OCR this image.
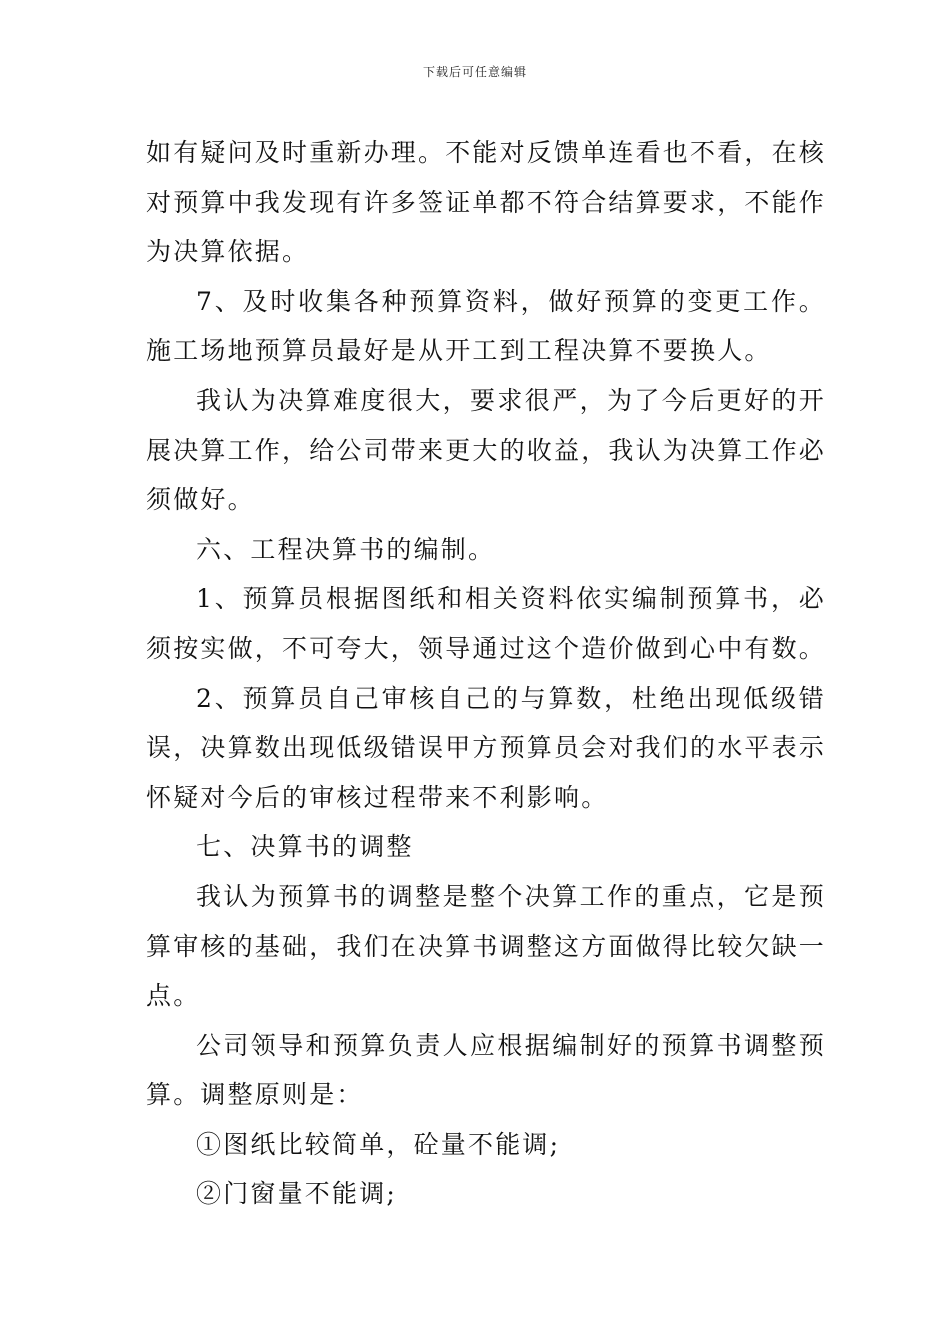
下载后可任意编辑

如有疑问及时重新办理。不能对反馈单连看也不看，在核对预算中我发现有许多签证单都不符合结算要求，不能作为决算依据。

7、及时收集各种预算资料，做好预算的变更工作。施工场地预算员最好是从开工到工程决算不要换人。

我认为决算难度很大，要求很严，为了今后更好的开展决算工作，给公司带来更大的收益，我认为决算工作必须做好。

六、工程决算书的编制。

1、预算员根据图纸和相关资料依实编制预算书，必须按实做，不可夸大，领导通过这个造价做到心中有数。

2、预算员自己审核自己的与算数，杜绝出现低级错误，决算数出现低级错误甲方预算员会对我们的水平表示怀疑对今后的审核过程带来不利影响。

七、决算书的调整

我认为预算书的调整是整个决算工作的重点，它是预算审核的基础，我们在决算书调整这方面做得比较欠缺一点。

公司领导和预算负责人应根据编制好的预算书调整预算。调整原则是：

①图纸比较简单，砼量不能调;

②门窗量不能调;
